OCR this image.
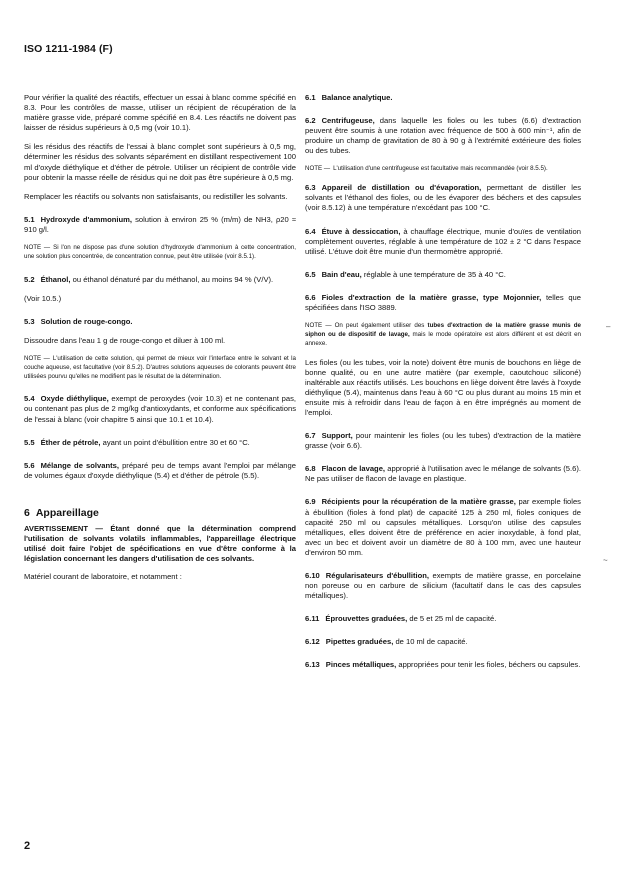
ISO 1211-1984 (F)

Pour vérifier la qualité des réactifs, effectuer un essai à blanc comme spécifié en 8.3. Pour les contrôles de masse, utiliser un récipient de récupération de la matière grasse vide, préparé comme spécifié en 8.4. Les réactifs ne doivent pas laisser de résidus supérieurs à 0,5 mg (voir 10.1).

Si les résidus des réactifs de l'essai à blanc complet sont supérieurs à 0,5 mg, déterminer les résidus des solvants séparément en distillant respectivement 100 ml d'oxyde diéthylique et d'éther de pétrole. Utiliser un récipient de contrôle vide pour obtenir la masse réelle de résidus qui ne doit pas être supérieure à 0,5 mg.

Remplacer les réactifs ou solvants non satisfaisants, ou redistiller les solvants.

5.1 Hydroxyde d'ammonium, solution à environ 25 % (m/m) de NH3, ρ20 ≈ 910 g/l.
NOTE — Si l'on ne dispose pas d'une solution d'hydroxyde d'ammonium à cette concentration, une solution plus concentrée, de concentration connue, peut être utilisée (voir 8.5.1).
5.2 Éthanol, ou éthanol dénaturé par du méthanol, au moins 94 % (V/V).

(Voir 10.5.)

5.3 Solution de rouge-congo.

Dissoudre dans l'eau 1 g de rouge-congo et diluer à 100 ml.

NOTE — L'utilisation de cette solution, qui permet de mieux voir l'interface entre le solvant et la couche aqueuse, est facultative (voir 8.5.2). D'autres solutions aqueuses de colorants peuvent être utilisées pourvu qu'elles ne modifient pas le résultat de la détermination.
5.4 Oxyde diéthylique, exempt de peroxydes (voir 10.3) et ne contenant pas, ou contenant pas plus de 2 mg/kg d'antioxydants, et conforme aux spécifications de l'essai à blanc (voir chapitre 5 ainsi que 10.1 et 10.4).
5.5 Éther de pétrole, ayant un point d'ébullition entre 30 et 60 °C.
5.6 Mélange de solvants, préparé peu de temps avant l'emploi par mélange de volumes égaux d'oxyde diéthylique (5.4) et d'éther de pétrole (5.5).
6 Appareillage
AVERTISSEMENT — Étant donné que la détermination comprend l'utilisation de solvants volatils inflammables, l'appareillage électrique utilisé doit faire l'objet de spécifications en vue d'être conforme à la législation concernant les dangers d'utilisation de ces solvants.

Matériel courant de laboratoire, et notamment :

6.1 Balance analytique.
6.2 Centrifugeuse, dans laquelle les fioles ou les tubes (6.6) d'extraction peuvent être soumis à une rotation avec fréquence de 500 à 600 min⁻¹, afin de produire un champ de gravitation de 80 à 90 g à l'extrémité extérieure des fioles ou des tubes.
NOTE — L'utilisation d'une centrifugeuse est facultative mais recommandée (voir 8.5.5).
6.3 Appareil de distillation ou d'évaporation, permettant de distiller les solvants et l'éthanol des fioles, ou de les évaporer des béchers et des capsules (voir 8.5.12) à une température n'excédant pas 100 °C.
6.4 Étuve à dessiccation, à chauffage électrique, munie d'ouïes de ventilation complètement ouvertes, réglable à une température de 102 ± 2 °C dans l'espace utilisé. L'étuve doit être munie d'un thermomètre approprié.
6.5 Bain d'eau, réglable à une température de 35 à 40 °C.
6.6 Fioles d'extraction de la matière grasse, type Mojonnier, telles que spécifiées dans l'ISO 3889.
NOTE — On peut également utiliser des tubes d'extraction de la matière grasse munis de siphon ou de dispositif de lavage, mais le mode opératoire est alors différent et est décrit en annexe.

Les fioles (ou les tubes, voir la note) doivent être munis de bouchons en liège de bonne qualité, ou en une autre matière (par exemple, caoutchouc siliconé) inaltérable aux réactifs utilisés. Les bouchons en liège doivent être lavés à l'oxyde diéthylique (5.4), maintenus dans l'eau à 60 °C ou plus durant au moins 15 min et ensuite mis à refroidir dans l'eau de façon à en être imprégnés au moment de l'emploi.

6.7 Support, pour maintenir les fioles (ou les tubes) d'extraction de la matière grasse (voir 6.6).
6.8 Flacon de lavage, approprié à l'utilisation avec le mélange de solvants (5.6). Ne pas utiliser de flacon de lavage en plastique.
6.9 Récipients pour la récupération de la matière grasse, par exemple fioles à ébullition (fioles à fond plat) de capacité 125 à 250 ml, fioles coniques de capacité 250 ml ou capsules métalliques. Lorsqu'on utilise des capsules métalliques, elles doivent être de préférence en acier inoxydable, à fond plat, avec un bec et doivent avoir un diamètre de 80 à 100 mm, avec une hauteur d'environ 50 mm.
6.10 Régularisateurs d'ébullition, exempts de matière grasse, en porcelaine non poreuse ou en carbure de silicium (facultatif dans le cas des capsules métalliques).
6.11 Éprouvettes graduées, de 5 et 25 ml de capacité.
6.12 Pipettes graduées, de 10 ml de capacité.
6.13 Pinces métalliques, appropriées pour tenir les fioles, béchers ou capsules.
–
~
2
